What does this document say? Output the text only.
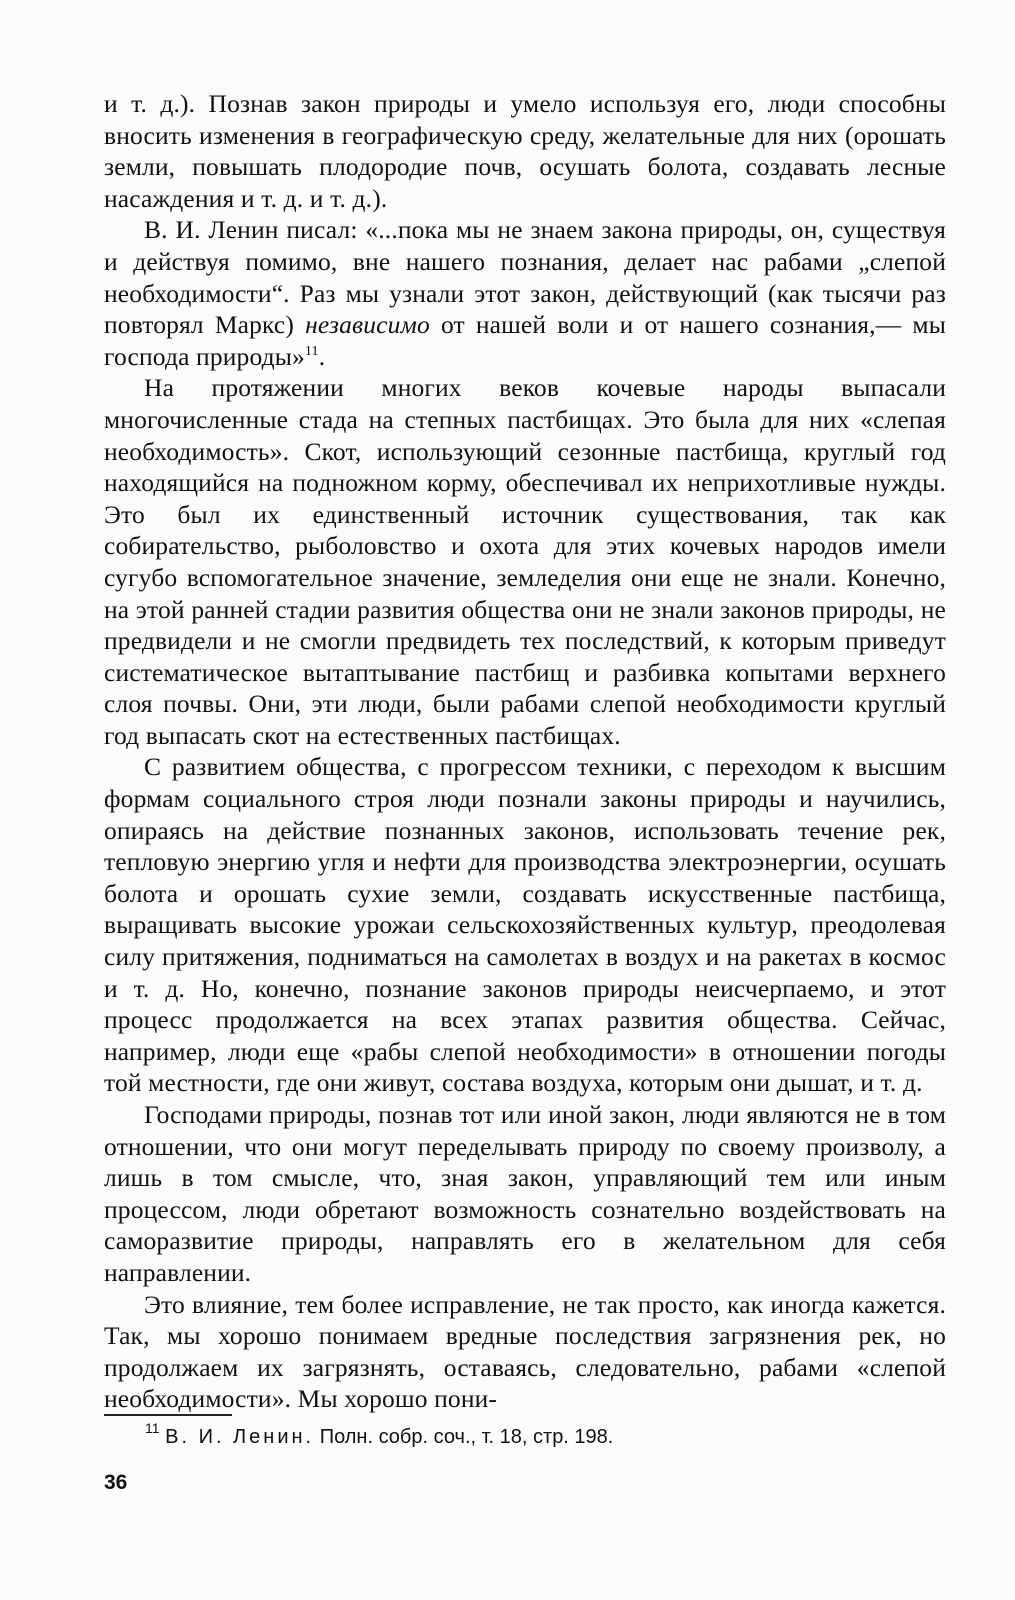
и т. д.). Познав закон природы и умело используя его, люди способны вносить изменения в географическую среду, желательные для них (орошать земли, повышать плодородие почв, осушать болота, создавать лесные насаждения и т. д. и т. д.).

В. И. Ленин писал: «...пока мы не знаем закона природы, он, существуя и действуя помимо, вне нашего познания, делает нас рабами „слепой необходимости“. Раз мы узнали этот закон, действующий (как тысячи раз повторял Маркс) независимо от нашей воли и от нашего сознания,— мы господа природы»$^{11}$.

На протяжении многих веков кочевые народы выпасали многочисленные стада на степных пастбищах. Это была для них «слепая необходимость». Скот, использующий сезонные пастбища, круглый год находящийся на подножном корму, обеспечивал их неприхотливые нужды. Это был их единственный источник существования, так как собирательство, рыболовство и охота для этих кочевых народов имели сугубо вспомогательное значение, земледелия они еще не знали. Конечно, на этой ранней стадии развития общества они не знали законов природы, не предвидели и не смогли предвидеть тех последствий, к которым приведут систематическое вытаптывание пастбищ и разбивка копытами верхнего слоя почвы. Они, эти люди, были рабами слепой необходимости круглый год выпасать скот на естественных пастбищах.

С развитием общества, с прогрессом техники, с переходом к высшим формам социального строя люди познали законы природы и научились, опираясь на действие познанных законов, использовать течение рек, тепловую энергию угля и нефти для производства электроэнергии, осушать болота и орошать сухие земли, создавать искусственные пастбища, выращивать высокие урожаи сельскохозяйственных культур, преодолевая силу притяжения, подниматься на самолетах в воздух и на ракетах в космос и т. д. Но, конечно, познание законов природы неисчерпаемо, и этот процесс продолжается на всех этапах развития общества. Сейчас, например, люди еще «рабы слепой необходимости» в отношении погоды той местности, где они живут, состава воздуха, которым они дышат, и т. д.

Господами природы, познав тот или иной закон, люди являются не в том отношении, что они могут переделывать природу по своему произволу, а лишь в том смысле, что, зная закон, управляющий тем или иным процессом, люди обретают возможность сознательно воздействовать на саморазвитие природы, направлять его в желательном для себя направлении.

Это влияние, тем более исправление, не так просто, как иногда кажется. Так, мы хорошо понимаем вредные последствия загрязнения рек, но продолжаем их загрязнять, оставаясь, следовательно, рабами «слепой необходимости». Мы хорошо пони-

$^{11}$ В. И. Ленин. Полн. собр. соч., т. 18, стр. 198.
36
